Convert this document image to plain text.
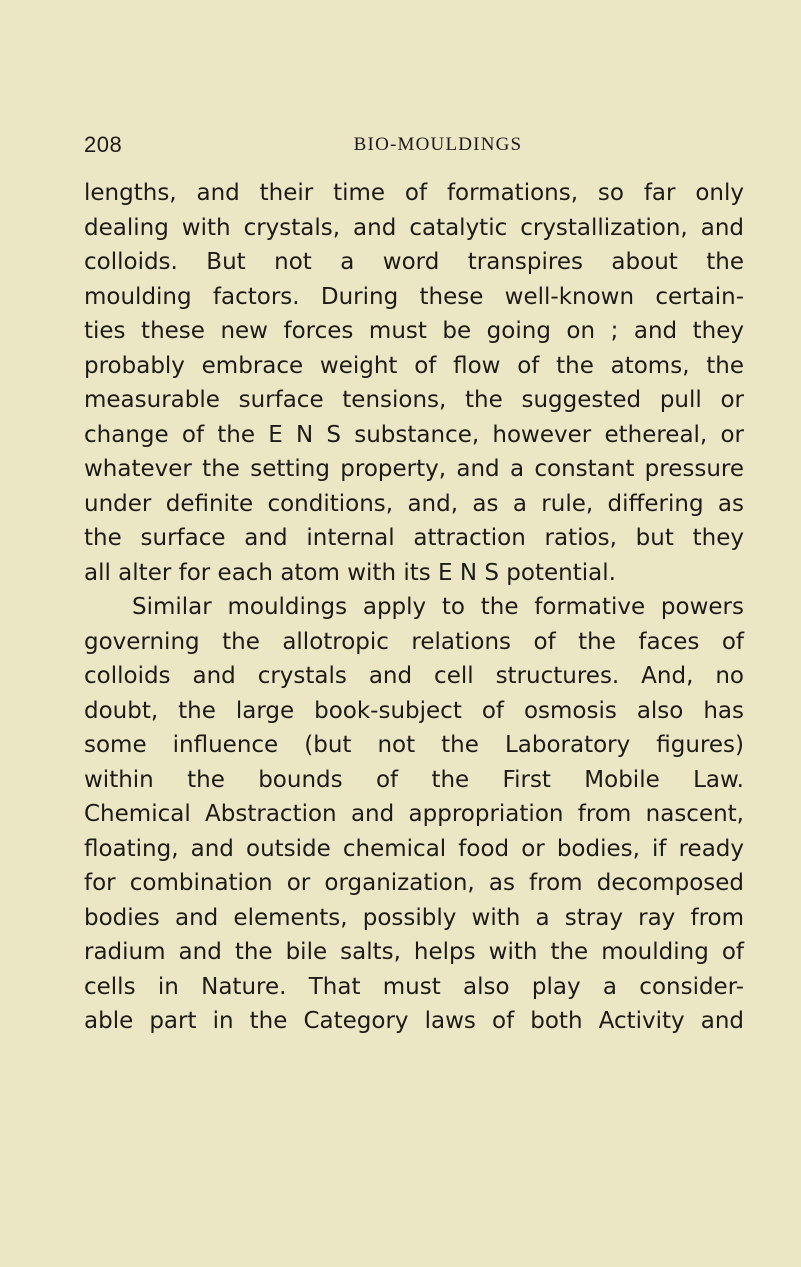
208	BIO-MOULDINGS
lengths, and their time of formations, so far only
dealing with crystals, and catalytic crystallization, and
colloids. But not a word transpires about the
moulding factors. During these well-known certain-
ties these new forces must be going on ; and they
probably embrace weight of flow of the atoms, the
measurable surface tensions, the suggested pull or
change of the E N S substance, however ethereal, or
whatever the setting property, and a constant pressure
under definite conditions, and, as a rule, differing as
the surface and internal attraction ratios, but they
all alter for each atom with its E N S potential.
Similar mouldings apply to the formative powers
governing the allotropic relations of the faces of
colloids and crystals and cell structures. And, no
doubt, the large book-subject of osmosis also has
some influence (but not the Laboratory figures)
within the bounds of the First Mobile Law.
Chemical Abstraction and appropriation from nascent,
floating, and outside chemical food or bodies, if ready
for combination or organization, as from decomposed
bodies and elements, possibly with a stray ray from
radium and the bile salts, helps with the moulding of
cells in Nature. That must also play a consider-
able part in the Category laws of both Activity and
